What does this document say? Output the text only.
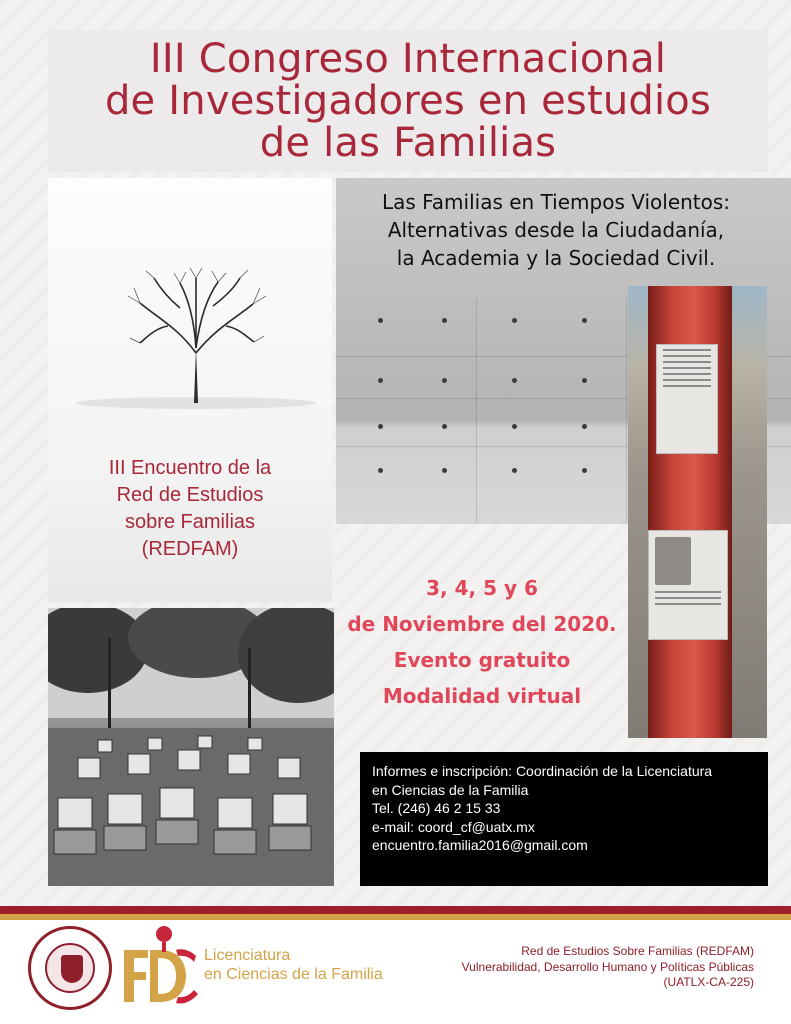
III Congreso Internacional
de Investigadores en estudios
de las Familias
III Encuentro de la
Red de Estudios
sobre Familias
(REDFAM)
Las Familias en Tiempos Violentos:
Alternativas desde la Ciudadanía,
la Academia y la Sociedad Civil.
3, 4, 5 y 6
de Noviembre del 2020.
Evento gratuito
Modalidad virtual
Informes e inscripción: Coordinación de la Licenciatura
en Ciencias de la Familia
Tel. (246) 46 2 15 33
e-mail: coord_cf@uatx.mx
encuentro.familia2016@gmail.com
Licenciatura
en Ciencias de la Familia
Red de Estudios Sobre Familias (REDFAM)
Vulnerabilidad, Desarrollo Humano y Políticas Públicas
(UATLX-CA-225)
